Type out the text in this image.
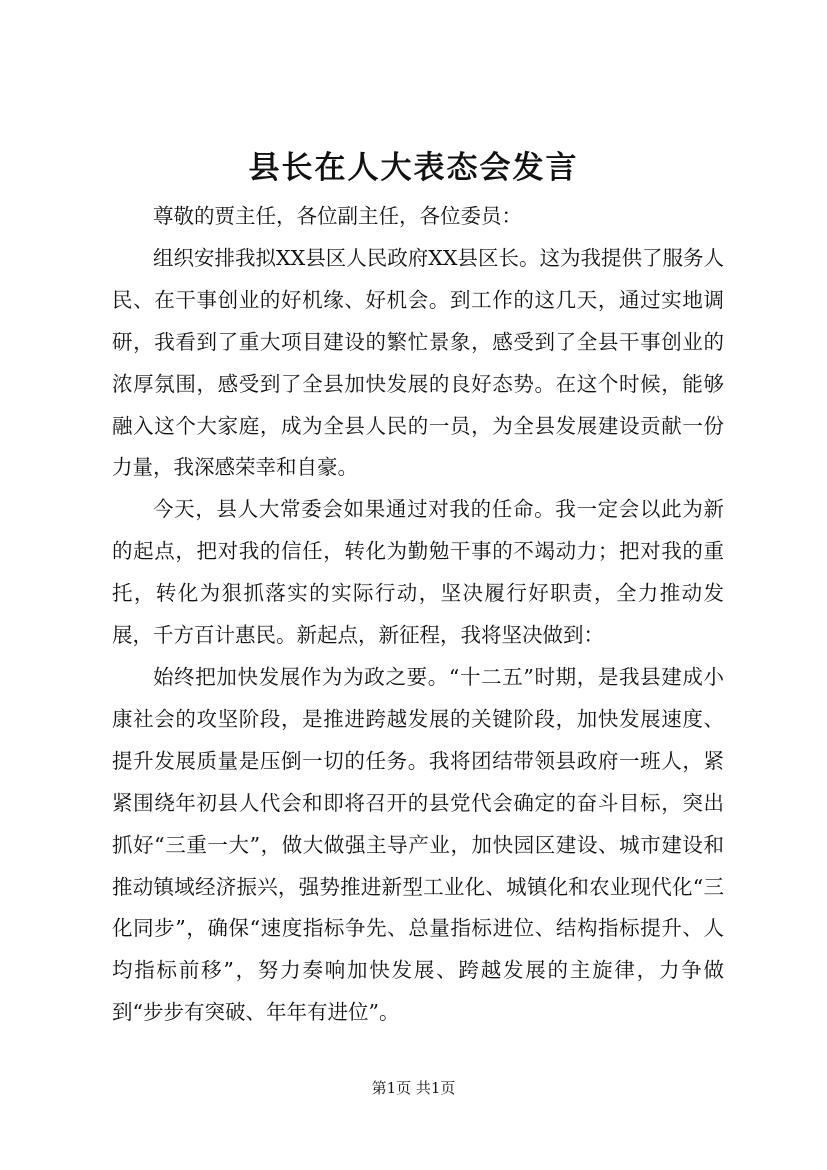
县长在人大表态会发言

尊敬的贾主任，各位副主任，各位委员：

组织安排我拟XX县区人民政府XX县区长。这为我提供了服务人民、在干事创业的好机缘、好机会。到工作的这几天，通过实地调研，我看到了重大项目建设的繁忙景象，感受到了全县干事创业的浓厚氛围，感受到了全县加快发展的良好态势。在这个时候，能够融入这个大家庭，成为全县人民的一员，为全县发展建设贡献一份力量，我深感荣幸和自豪。

今天，县人大常委会如果通过对我的任命。我一定会以此为新的起点，把对我的信任，转化为勤勉干事的不竭动力；把对我的重托，转化为狠抓落实的实际行动，坚决履行好职责，全力推动发展，千方百计惠民。新起点，新征程，我将坚决做到：

始终把加快发展作为为政之要。“十二五”时期，是我县建成小康社会的攻坚阶段，是推进跨越发展的关键阶段，加快发展速度、提升发展质量是压倒一切的任务。我将团结带领县政府一班人，紧紧围绕年初县人代会和即将召开的县党代会确定的奋斗目标，突出抓好“三重一大”，做大做强主导产业，加快园区建设、城市建设和推动镇域经济振兴，强势推进新型工业化、城镇化和农业现代化“三化同步”，确保“速度指标争先、总量指标进位、结构指标提升、人均指标前移”，努力奏响加快发展、跨越发展的主旋律，力争做到“步步有突破、年年有进位”。

第1页 共1页
